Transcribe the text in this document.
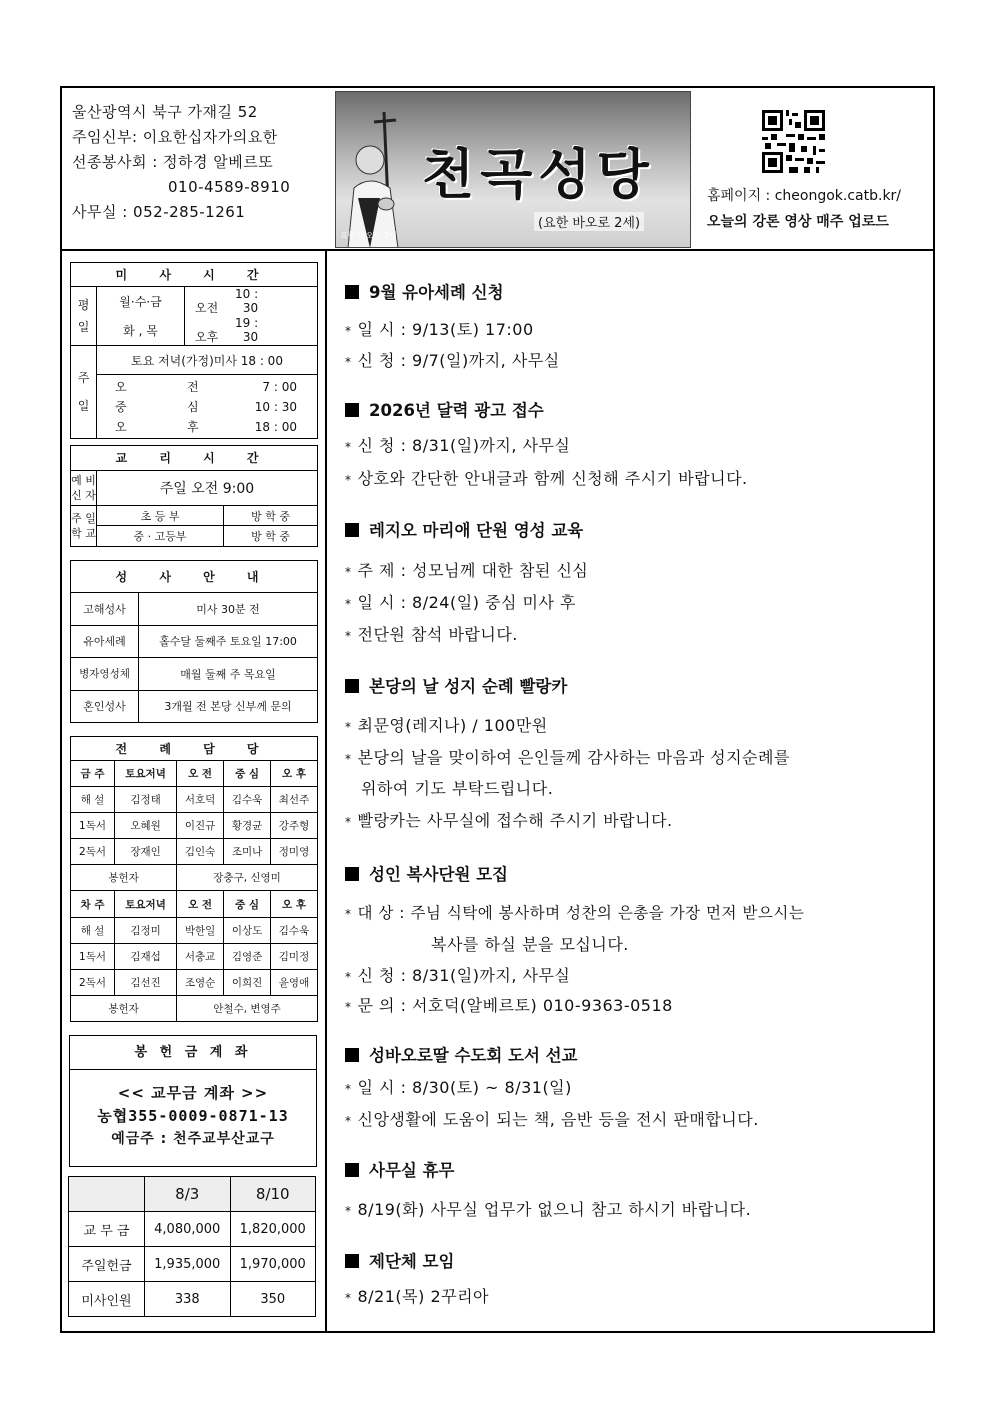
울산광역시 북구 가재길 52
주임신부: 이요한십자가의요한
선종봉사회 : 정하경 알베르또
010-4589-8910
사무실 : 052-285-1261
천곡성당
(요한 바오로 2세)
요한 바오로 2세
홈페이지 : cheongok.catb.kr/
오늘의 강론 영상 매주 업로드
미 사 시 간		
평 일	월·수·금	오전10 : 30
	화 , 목	오후19 : 30
주 일	토요 저녁(가정)미사 18 : 00	

	오 전 7 : 00
중 심 10 : 30
오 후 18 : 00	
교 리 시 간		
예 비 신 자	주일 오전 9:00	
주 일 학 교	초 등 부	방 학 중
	중 · 고등부	방 학 중
성 사 안 내	
고해성사	미사 30분 전
유아세례	홀수달 둘째주 토요일 17:00
병자영성체	매월 둘째 주 목요일
혼인성사	3개월 전 본당 신부께 문의
전 례 담 당				
금 주	토요저녁	오 전	중 심	오 후
해 설	김정태	서호덕	김수욱	최선주
1독서	오혜원	이진규	황경균	강주형
2독서	장재인	김인숙	조미나	정미영
봉헌자		장충구, 신영미		
차 주	토요저녁	오 전	중 심	오 후
해 설	김정미	박한일	이상도	김수욱
1독서	김재섭	서충교	김영준	김미정
2독서	김선진	조영순	이희진	윤영애
봉헌자		안철수, 변영주		
봉 헌 금 계 좌
<< 교무금 계좌 >>
농협355-0009-0871-13
예금주 : 천주교부산교구
	8/3	8/10
교 무 금	4,080,000	1,820,000
주일헌금	1,935,000	1,970,000
미사인원	338	350
9월 유아세례 신청
* 일 시 : 9/13(토) 17:00
* 신 청 : 9/7(일)까지, 사무실
2026년 달력 광고 접수
* 신 청 : 8/31(일)까지, 사무실
* 상호와 간단한 안내글과 함께 신청해 주시기 바랍니다.
레지오 마리애 단원 영성 교육
* 주 제 : 성모님께 대한 참된 신심
* 일 시 : 8/24(일) 중심 미사 후
* 전단원 참석 바랍니다.
본당의 날 성지 순례 빨랑카
* 최문영(레지나) / 100만원
* 본당의 날을 맞이하여 은인들께 감사하는 마음과 성지순례를
위하여 기도 부탁드립니다.
* 빨랑카는 사무실에 접수해 주시기 바랍니다.
성인 복사단원 모집
* 대 상 : 주님 식탁에 봉사하며 성찬의 은총을 가장 먼저 받으시는
복사를 하실 분을 모십니다.
* 신 청 : 8/31(일)까지, 사무실
* 문 의 : 서호덕(알베르토) 010-9363-0518
성바오로딸 수도회 도서 선교
* 일 시 : 8/30(토) ~ 8/31(일)
* 신앙생활에 도움이 되는 책, 음반 등을 전시 판매합니다.
사무실 휴무
* 8/19(화) 사무실 업무가 없으니 참고 하시기 바랍니다.
제단체 모임
* 8/21(목) 2꾸리아
